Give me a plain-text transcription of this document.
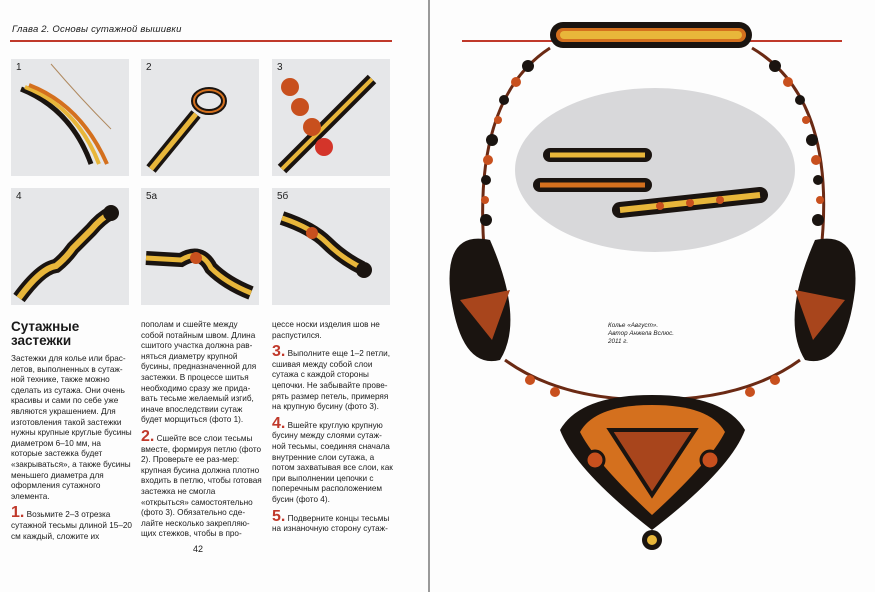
Глава 2. Основы сутажной вышивки
1	2	3
4	5а	5б
Сутажные
застежки

Застежки для колье или брас-летов, выполненных в сутаж-ной технике, также можно сделать из сутажа. Они очень красивы и сами по себе уже являются украшением. Для изготовления такой застежки нужны крупные круглые бусины диаметром 6–10 мм, на которые застежка будет «закрываться», а также бусины меньшего диаметра для оформления сутажного элемента.

1. Возьмите 2–3 отрезка сутажной тесьмы длиной 15–20 см каждый, сложите их

пополам и сшейте между собой потайным швом. Длина сшитого участка должна рав-няться диаметру крупной бусины, предназначенной для застежки. В процессе шитья необходимо сразу же прида-вать тесьме желаемый изгиб, иначе впоследствии сутаж будет морщиться (фото 1).

2. Сшейте все слои тесьмы вместе, формируя петлю (фото 2). Проверьте ее раз-мер: крупная бусина должна плотно входить в петлю, чтобы готовая застежка не смогла «открыться» самостоятельно (фото 3). Обязательно сде-лайте несколько закрепляю-щих стежков, чтобы в про-

цессе носки изделия шов не распустился.

3. Выполните еще 1–2 петли, сшивая между собой слои сутажа с каждой стороны цепочки. Не забывайте прове-рять размер петель, примеряя на крупную бусину (фото 3).

4. Вшейте круглую крупную бусину между слоями сутаж-ной тесьмы, соединяя сначала внутренние слои сутажа, а потом захватывая все слои, как при выполнении цепочки с поперечным расположением бусин (фото 4).

5. Подверните концы тесьмы на изнаночную сторону сутаж-

42
Колье «Август».
Автор Анжела Вслюс.
2011 г.
